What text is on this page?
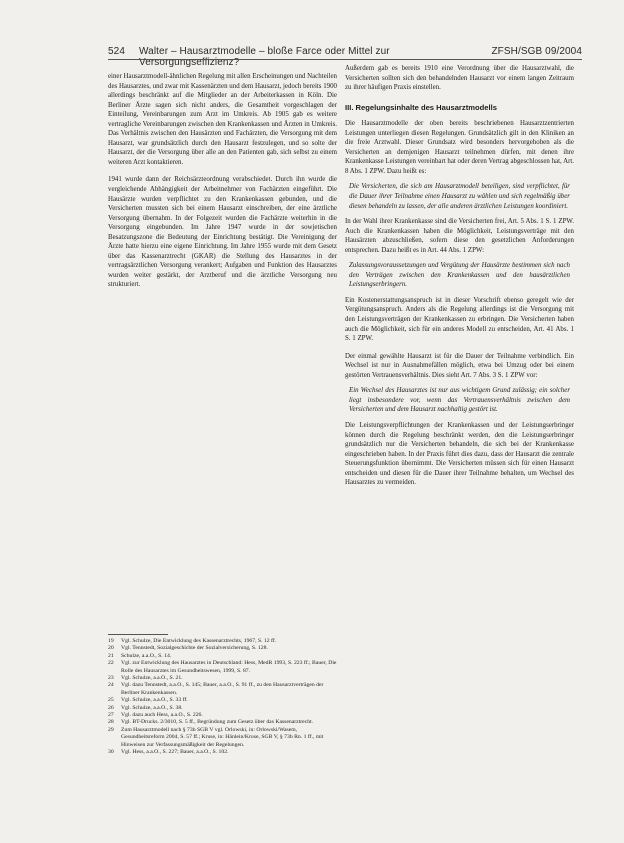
524 Walter – Hausarztmodelle – bloße Farce oder Mittel zur Versorgungseffizienz?
ZFSH/SGB 09/2004

einer Hausarztmodell-ähnlichen Regelung mit allen Erscheinungen und Nachteilen des Hausarztes, und zwar mit Kassenärzten und dem Hausarzt, jedoch bereits 1900 allerdings beschränkt auf die Mitglieder an der Arbeiterkassen in Köln. Die Berliner Ärzte sagen sich nicht anders, die Gesamtheit vorgeschlagen der Einteilung, Vereinbarungen zum Arzt im Umkreis. Ab 1905 gab es weitere vertragliche Vereinbarungen zwischen den Krankenkassen und Ärzten in Umkreis. Das Verhältnis zwischen den Hausärzten und Fachärzten, die Versorgung mit dem Hausarzt, war grundsätzlich durch den Hausarzt festzulegen, und so solte der Hausarzt, der die Versorgung über alle an den Patienten gab, sich selbst zu einem weiteren Arzt kontaktieren.

1941 wurde dann der Reichsärzteordnung verabschiedet. Durch ihn wurde die vergleichende Abhängigkeit der Arbeitnehmer von Fachärzten eingeführt. Die Hausärzte wurden verpflichtet zu den Krankenkassen gebunden, und die Versicherten mussten sich bei einem Hausarzt einschreiben, der eine ärztliche Versorgung übernahm. In der Folgezeit wurden die Fachärzte weiterhin in die Versorgung eingebunden. Im Jahre 1947 wurde in der sowjetischen Besatzungszone die Bedeutung der Einrichtung bestätigt. Die Vereinigung der Ärzte hatte hierzu eine eigene Einrichtung. Im Jahre 1955 wurde mit dem Gesetz über das Kassenarztrecht (GKAR) die Stellung des Hausarztes in der vertragsärztlichen Versorgung verankert; Aufgaben und Funktion des Hausarztes wurden weiter gestärkt, der Arztberuf und die ärztliche Versorgung neu strukturiert.

Außerdem gab es bereits 1910 eine Verordnung über die Hausarztwahl, die Versicherten sollten sich den behandelnden Hausarzt vor einem langen Zeitraum zu ihrer häufigen Praxis einstellen.

III. Regelungsinhalte des Hausarztmodells

Die Hausarztmodelle der oben bereits beschriebenen Hausarztzentrierten Leistungen unterliegen diesen Regelungen. Grundsätzlich gilt in den Kliniken an die freie Arztwahl. Dieser Grundsatz wird besonders hervorgehoben als die Versicherten an demjenigen Hausarzt teilnehmen dürfen, mit denen ihre Krankenkasse Leistungen vereinbart hat oder deren Vertrag abgeschlossen hat, Art. 8 Abs. 1 ZPW. Dazu heißt es:

Die Versicherten, die sich am Hausarztmodell beteiligen, sind verpflichtet, für die Dauer ihrer Teilnahme einen Hausarzt zu wählen und sich regelmäßig über diesen behandeln zu lassen, der alle anderen ärztlichen Leistungen koordiniert.

In der Wahl ihrer Krankenkasse sind die Versicherten frei, Art. 5 Abs. 1 S. 1 ZPW. Auch die Krankenkassen haben die Möglichkeit, Leistungsverträge mit den Hausärzten abzuschließen, sofern diese den gesetzlichen Anforderungen entsprechen. Dazu heißt es in Art. 44 Abs. 1 ZPW:

Zulassungsvoraussetzungen und Vergütung der Hausärzte bestimmen sich nach den Verträgen zwischen den Krankenkassen und den hausärztlichen Leistungserbringern.

Ein Kostenerstattungsanspruch ist in dieser Vorschrift ebenso geregelt wie der Vergütungsanspruch. Anders als die Regelung allerdings ist die Versorgung mit den Leistungsverträgen der Krankenkassen zu erbringen. Die Versicherten haben auch die Möglichkeit, sich für ein anderes Modell zu entscheiden, Art. 41 Abs. 1 S. 1 ZPW.

Der einmal gewählte Hausarzt ist für die Dauer der Teilnahme verbindlich. Ein Wechsel ist nur in Ausnahmefällen möglich, etwa bei Umzug oder bei einem gestörten Vertrauensverhältnis. Dies sieht Art. 7 Abs. 3 S. 1 ZPW vor:

Ein Wechsel des Hausarztes ist nur aus wichtigem Grund zulässig; ein solcher liegt insbesondere vor, wenn das Vertrauensverhältnis zwischen dem Versicherten und dem Hausarzt nachhaltig gestört ist.

Die Leistungsverpflichtungen der Krankenkassen und der Leistungserbringer können durch die Regelung beschränkt werden, den die Leistungserbringer grundsätzlich nur die Versicherten behandeln, die sich bei der Krankenkasse eingeschrieben haben. In der Praxis führt dies dazu, dass der Hausarzt die zentrale Steuerungsfunktion übernimmt. Die Versicherten müssen sich für einen Hausarzt entscheiden und diesen für die Dauer ihrer Teilnahme behalten, um Wechsel des Hausarztes zu vermeiden.

19	Vgl. Schulze, Die Entwicklung des Kassenarztrechts, 1967, S. 12 ff.
20	Vgl. Tennstedt, Sozialgeschichte der Sozialversicherung, S. 128.
21	Schulze, a.a.O., S. 14.
22	Vgl. zur Entwicklung des Hausarztes in Deutschland: Hess, MedR 1993, S. 223 ff.; Bauer, Die Rolle des Hausarztes im Gesundheitswesen, 1999, S. 87.
23	Vgl. Schulze, a.a.O., S. 21.
24	Vgl. dazu Tennstedt, a.a.O., S. 145; Bauer, a.a.O., S. 91 ff., zu den Hausarztverträgen der Berliner Krankenkassen.
25	Vgl. Schulze, a.a.O., S. 33 ff.
26	Vgl. Schulze, a.a.O., S. 38.
27	Vgl. dazu auch Hess, a.a.O., S. 226.
28	Vgl. BT-Drucks. 2/3010, S. 5 ff., Begründung zum Gesetz über das Kassenarztrecht.
29	Zum Hausarztmodell nach § 73b SGB V vgl. Orlowski, in: Orlowski/Wasem, Gesundheitsreform 2004, S. 57 ff.; Kruse, in: Hänlein/Kruse, SGB V, § 73b Rn. 1 ff., mit Hinweisen zur Verfassungsmäßigkeit der Regelungen.
30	Vgl. Hess, a.a.O., S. 227; Bauer, a.a.O., S. 102.
